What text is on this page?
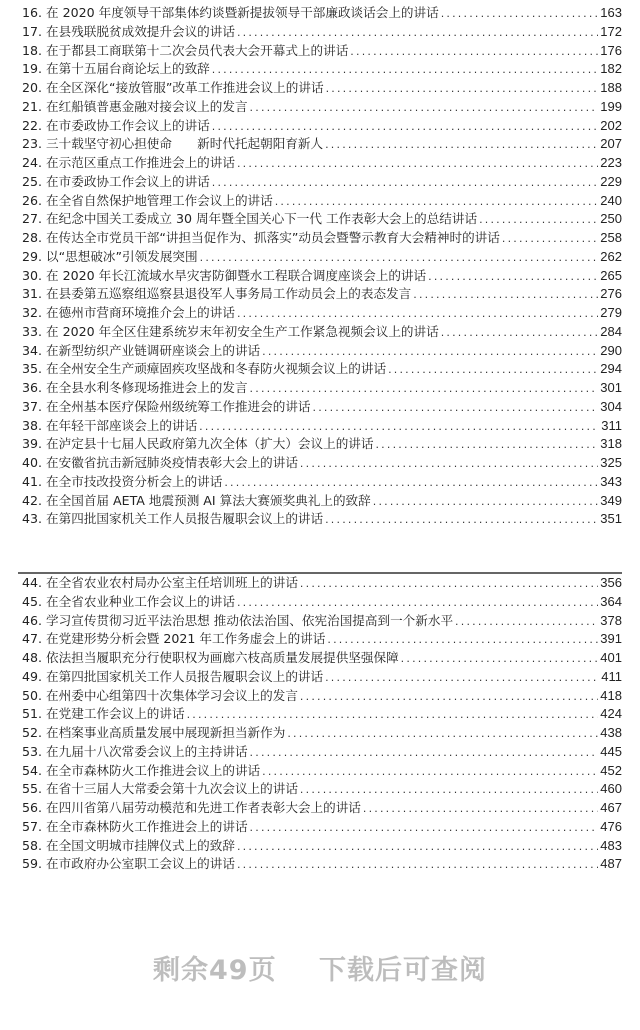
16. 在 2020 年度领导干部集体约谈暨新提拔领导干部廉政谈话会上的讲话 .....	163
17. 在县残联脱贫成效提升会议的讲话 .....	172
18. 在于都县工商联第十二次会员代表大会开幕式上的讲话 .....	176
19. 在第十五届台商论坛上的致辞 .....	182
20. 在全区深化“接放管服”改革工作推进会议上的讲话 .....	188
21. 在红船镇普惠金融对接会议上的发言 .....	199
22. 在市委政协工作会议上的讲话 .....	202
23. 三十载坚守初心担使命　　新时代托起朝阳育新人 .....	207
24. 在示范区重点工作推进会上的讲话 .....	223
25. 在市委政协工作会议上的讲话 .....	229
26. 在全省自然保护地管理工作会议上的讲话 .....	240
27. 在纪念中国关工委成立 30 周年暨全国关心下一代 工作表彰大会上的总结讲话 .....	250
28. 在传达全市党员干部“讲担当促作为、抓落实”动员会暨警示教育大会精神时的讲话 .....	258
29. 以“思想破冰”引领发展突围 .....	262
30. 在 2020 年长江流域水旱灾害防御暨水工程联合调度座谈会上的讲话 .....	265
31. 在县委第五巡察组巡察县退役军人事务局工作动员会上的表态发言 .....	276
32. 在德州市营商环境推介会上的讲话 .....	279
33. 在 2020 年全区住建系统岁末年初安全生产工作紧急视频会议上的讲话 .....	284
34. 在新型纺织产业链调研座谈会上的讲话 .....	290
35. 在全州安全生产顽瘴固疾攻坚战和冬春防火视频会议上的讲话 .....	294
36. 在全县水利冬修现场推进会上的发言 .....	301
37. 在全州基本医疗保险州级统筹工作推进会的讲话 .....	304
38. 在年轻干部座谈会上的讲话 .....	311
39. 在泸定县十七届人民政府第九次全体（扩大）会议上的讲话 .....	318
40. 在安徽省抗击新冠肺炎疫情表彰大会上的讲话 .....	325
41. 在全市技改投资分析会上的讲话 .....	343
42. 在全国首届 AETA 地震预测 AI 算法大赛颁奖典礼上的致辞 .....	349
43. 在第四批国家机关工作人员报告履职会议上的讲话 .....	351
44. 在全省农业农村局办公室主任培训班上的讲话 .....	356
45. 在全省农业种业工作会议上的讲话 .....	364
46. 学习宣传贯彻习近平法治思想 推动依法治国、依宪治国提高到一个新水平 .....	378
47. 在党建形势分析会暨 2021 年工作务虚会上的讲话 .....	391
48. 依法担当履职充分行使职权为画廊六枝高质量发展提供坚强保障 .....	401
49. 在第四批国家机关工作人员报告履职会议上的讲话 .....	411
50. 在州委中心组第四十次集体学习会议上的发言 .....	418
51. 在党建工作会议上的讲话 .....	424
52. 在档案事业高质量发展中展现新担当新作为 .....	438
53. 在九届十八次常委会议上的主持讲话 .....	445
54. 在全市森林防火工作推进会议上的讲话 .....	452
55. 在省十三届人大常委会第十九次会议上的讲话 .....	460
56. 在四川省第八届劳动模范和先进工作者表彰大会上的讲话 .....	467
57. 在全市森林防火工作推进会上的讲话 .....	476
58. 在全国文明城市挂牌仪式上的致辞 .....	483
59. 在市政府办公室职工会议上的讲话 .....	487
剩余49页 下载后可查阅
